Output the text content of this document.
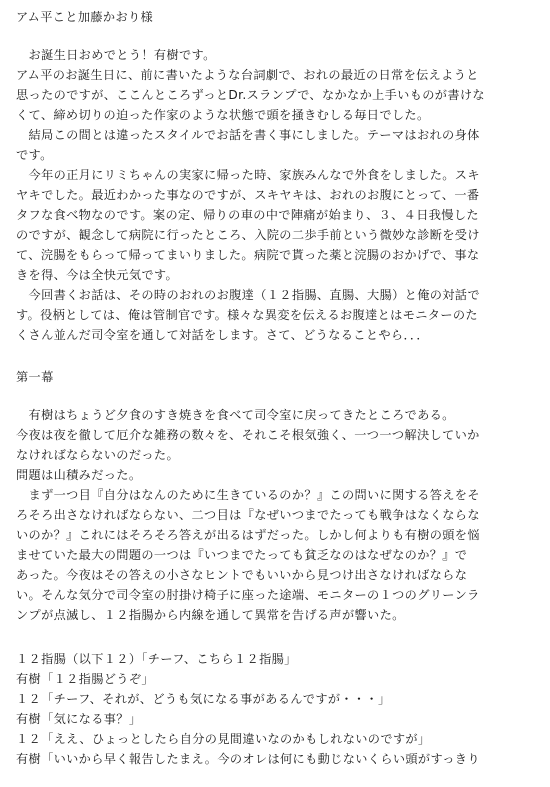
アム平こと加藤かおり様
　お誕生日おめでとう！有樹です。
アム平のお誕生日に、前に書いたような台詞劇で、おれの最近の日常を伝えようと
思ったのですが、ここんところずっとDr.スランプで、なかなか上手いものが書けな
くて、締め切りの迫った作家のような状態で頭を掻きむしる毎日でした。
　結局この間とは違ったスタイルでお話を書く事にしました。テーマはおれの身体
です。
　今年の正月にリミちゃんの実家に帰った時、家族みんなで外食をしました。スキ
ヤキでした。最近わかった事なのですが、スキヤキは、おれのお腹にとって、一番
タフな食べ物なのです。案の定、帰りの車の中で陣痛が始まり、３、４日我慢した
のですが、観念して病院に行ったところ、入院の二歩手前という微妙な診断を受け
て、浣腸をもらって帰ってまいりました。病院で貰った薬と浣腸のおかげで、事な
きを得、今は全快元気です。
　今回書くお話は、その時のおれのお腹達（１２指腸、直腸、大腸）と俺の対話で
す。役柄としては、俺は管制官です。様々な異変を伝えるお腹達とはモニターのた
くさん並んだ司令室を通して対話をします。さて、どうなることやら．．．
第一幕
　有樹はちょうど夕食のすき焼きを食べて司令室に戻ってきたところである。
今夜は夜を徹して厄介な雑務の数々を、それこそ根気強く、一つ一つ解決していか
なければならないのだった。
問題は山積みだった。
　まず一つ目『自分はなんのために生きているのか？』この問いに関する答えをそ
ろそろ出さなければならない、二つ目は『なぜいつまでたっても戦争はなくならな
いのか？』これにはそろそろ答えが出るはずだった。しかし何よりも有樹の頭を悩
ませていた最大の問題の一つは『いつまでたっても貧乏なのはなぜなのか？』で
あった。今夜はその答えの小さなヒントでもいいから見つけ出さなければならな
い。そんな気分で司令室の肘掛け椅子に座った途端、モニターの１つのグリーンラ
ンプが点滅し、１２指腸から内線を通して異常を告げる声が響いた。
１２指腸（以下１２）「チーフ、こちら１２指腸」
有樹「１２指腸どうぞ」
１２「チーフ、それが、どうも気になる事があるんですが・・・」
有樹「気になる事？」
１２「ええ、ひょっとしたら自分の見間違いなのかもしれないのですが」
有樹「いいから早く報告したまえ。今のオレは何にも動じないくらい頭がすっきり
